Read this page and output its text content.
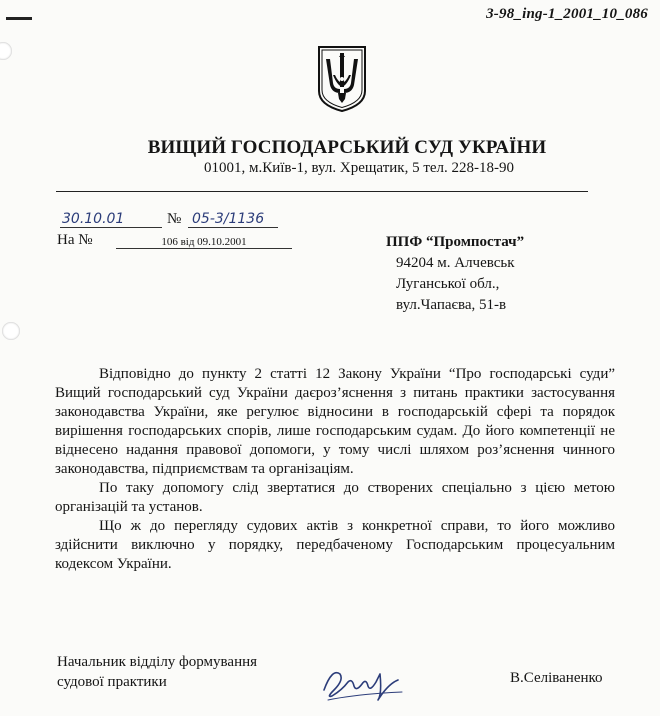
3-98_ing-1_2001_10_086
ВИЩИЙ ГОСПОДАРСЬКИЙ СУД УКРАЇНИ
01001, м.Київ-1, вул. Хрещатик, 5 тел. 228-18-90
30.10.01	№ 05-3/1136
На №	106 від 09.10.2001	ППФ “Промпостач”
94204 м. Алчевськ
Луганської обл.,
вул.Чапаєва, 51-в

Відповідно до пункту 2 статті 12 Закону України “Про господарські суди” Вищий господарський суд України даєроз’яснення з питань практики застосування законодавства України, яке регулює відносини в господарській сфері та порядок вирішення господарських спорів, лише господарським судам. До його компетенції не віднесено надання правової допомоги, у тому числі шляхом роз’яснення чинного законодавства, підприємствам та організаціям.

По таку допомогу слід звертатися до створених спеціально з цією метою організацій та установ.

Що ж до перегляду судових актів з конкретної справи, то його можливо здійснити виключно у порядку, передбаченому Господарським процесуальним кодексом України.

Начальник відділу формування
судової практики	В.Селіваненко
